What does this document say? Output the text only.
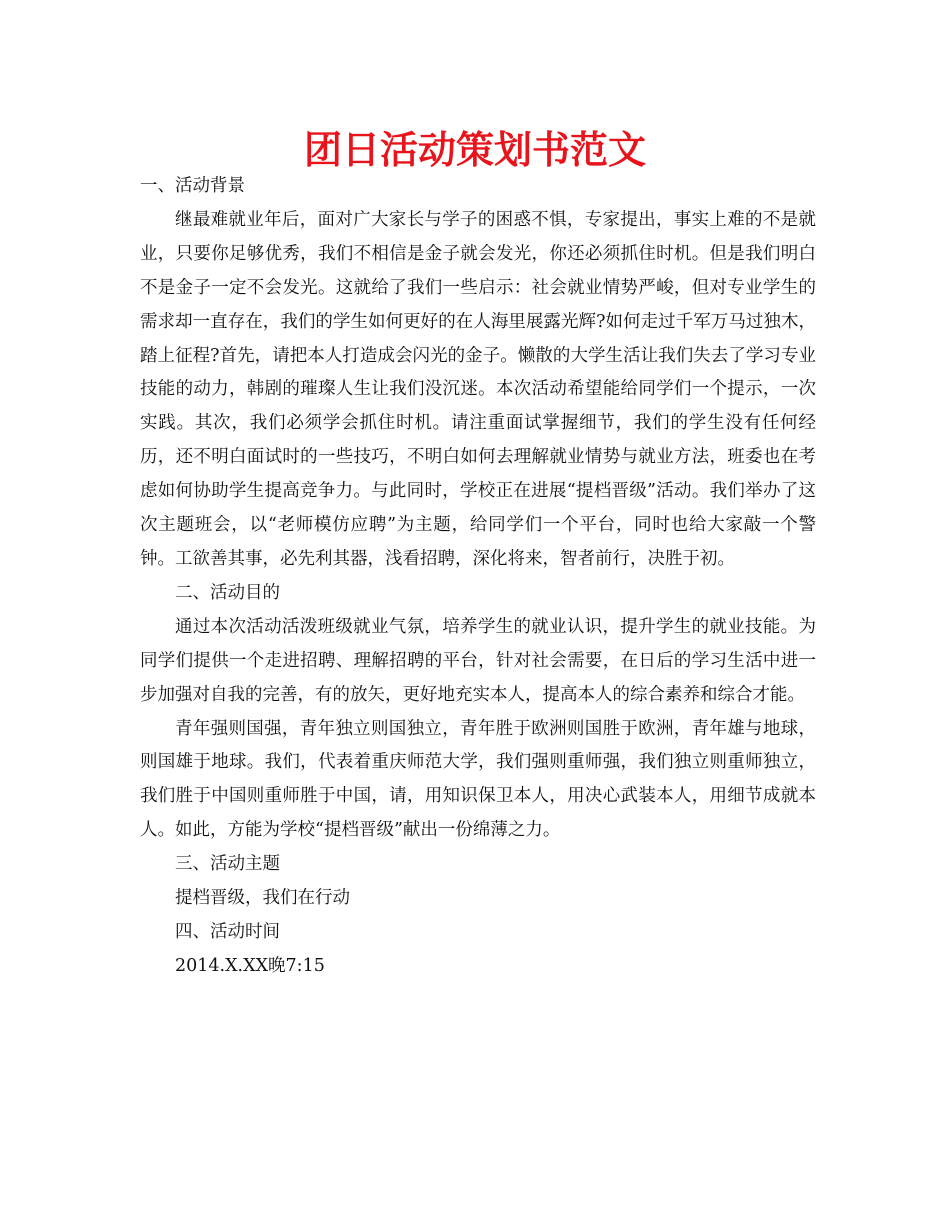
团日活动策划书范文

一、活动背景

继最难就业年后，面对广大家长与学子的困惑不惧，专家提出，事实上难的不是就业，只要你足够优秀，我们不相信是金子就会发光，你还必须抓住时机。但是我们明白不是金子一定不会发光。这就给了我们一些启示：社会就业情势严峻，但对专业学生的需求却一直存在，我们的学生如何更好的在人海里展露光辉?如何走过千军万马过独木，踏上征程?首先，请把本人打造成会闪光的金子。懒散的大学生活让我们失去了学习专业技能的动力，韩剧的璀璨人生让我们没沉迷。本次活动希望能给同学们一个提示，一次实践。其次，我们必须学会抓住时机。请注重面试掌握细节，我们的学生没有任何经历，还不明白面试时的一些技巧，不明白如何去理解就业情势与就业方法，班委也在考虑如何协助学生提高竞争力。与此同时，学校正在进展“提档晋级”活动。我们举办了这次主题班会，以“老师模仿应聘”为主题，给同学们一个平台，同时也给大家敲一个警钟。工欲善其事，必先利其器，浅看招聘，深化将来，智者前行，决胜于初。

二、活动目的

通过本次活动活泼班级就业气氛，培养学生的就业认识，提升学生的就业技能。为同学们提供一个走进招聘、理解招聘的平台，针对社会需要，在日后的学习生活中进一步加强对自我的完善，有的放矢，更好地充实本人，提高本人的综合素养和综合才能。

青年强则国强，青年独立则国独立，青年胜于欧洲则国胜于欧洲，青年雄与地球，则国雄于地球。我们，代表着重庆师范大学，我们强则重师强，我们独立则重师独立，我们胜于中国则重师胜于中国，请，用知识保卫本人，用决心武装本人，用细节成就本人。如此，方能为学校“提档晋级”献出一份绵薄之力。

三、活动主题

提档晋级，我们在行动

四、活动时间

2014.X.XX晚7:15
